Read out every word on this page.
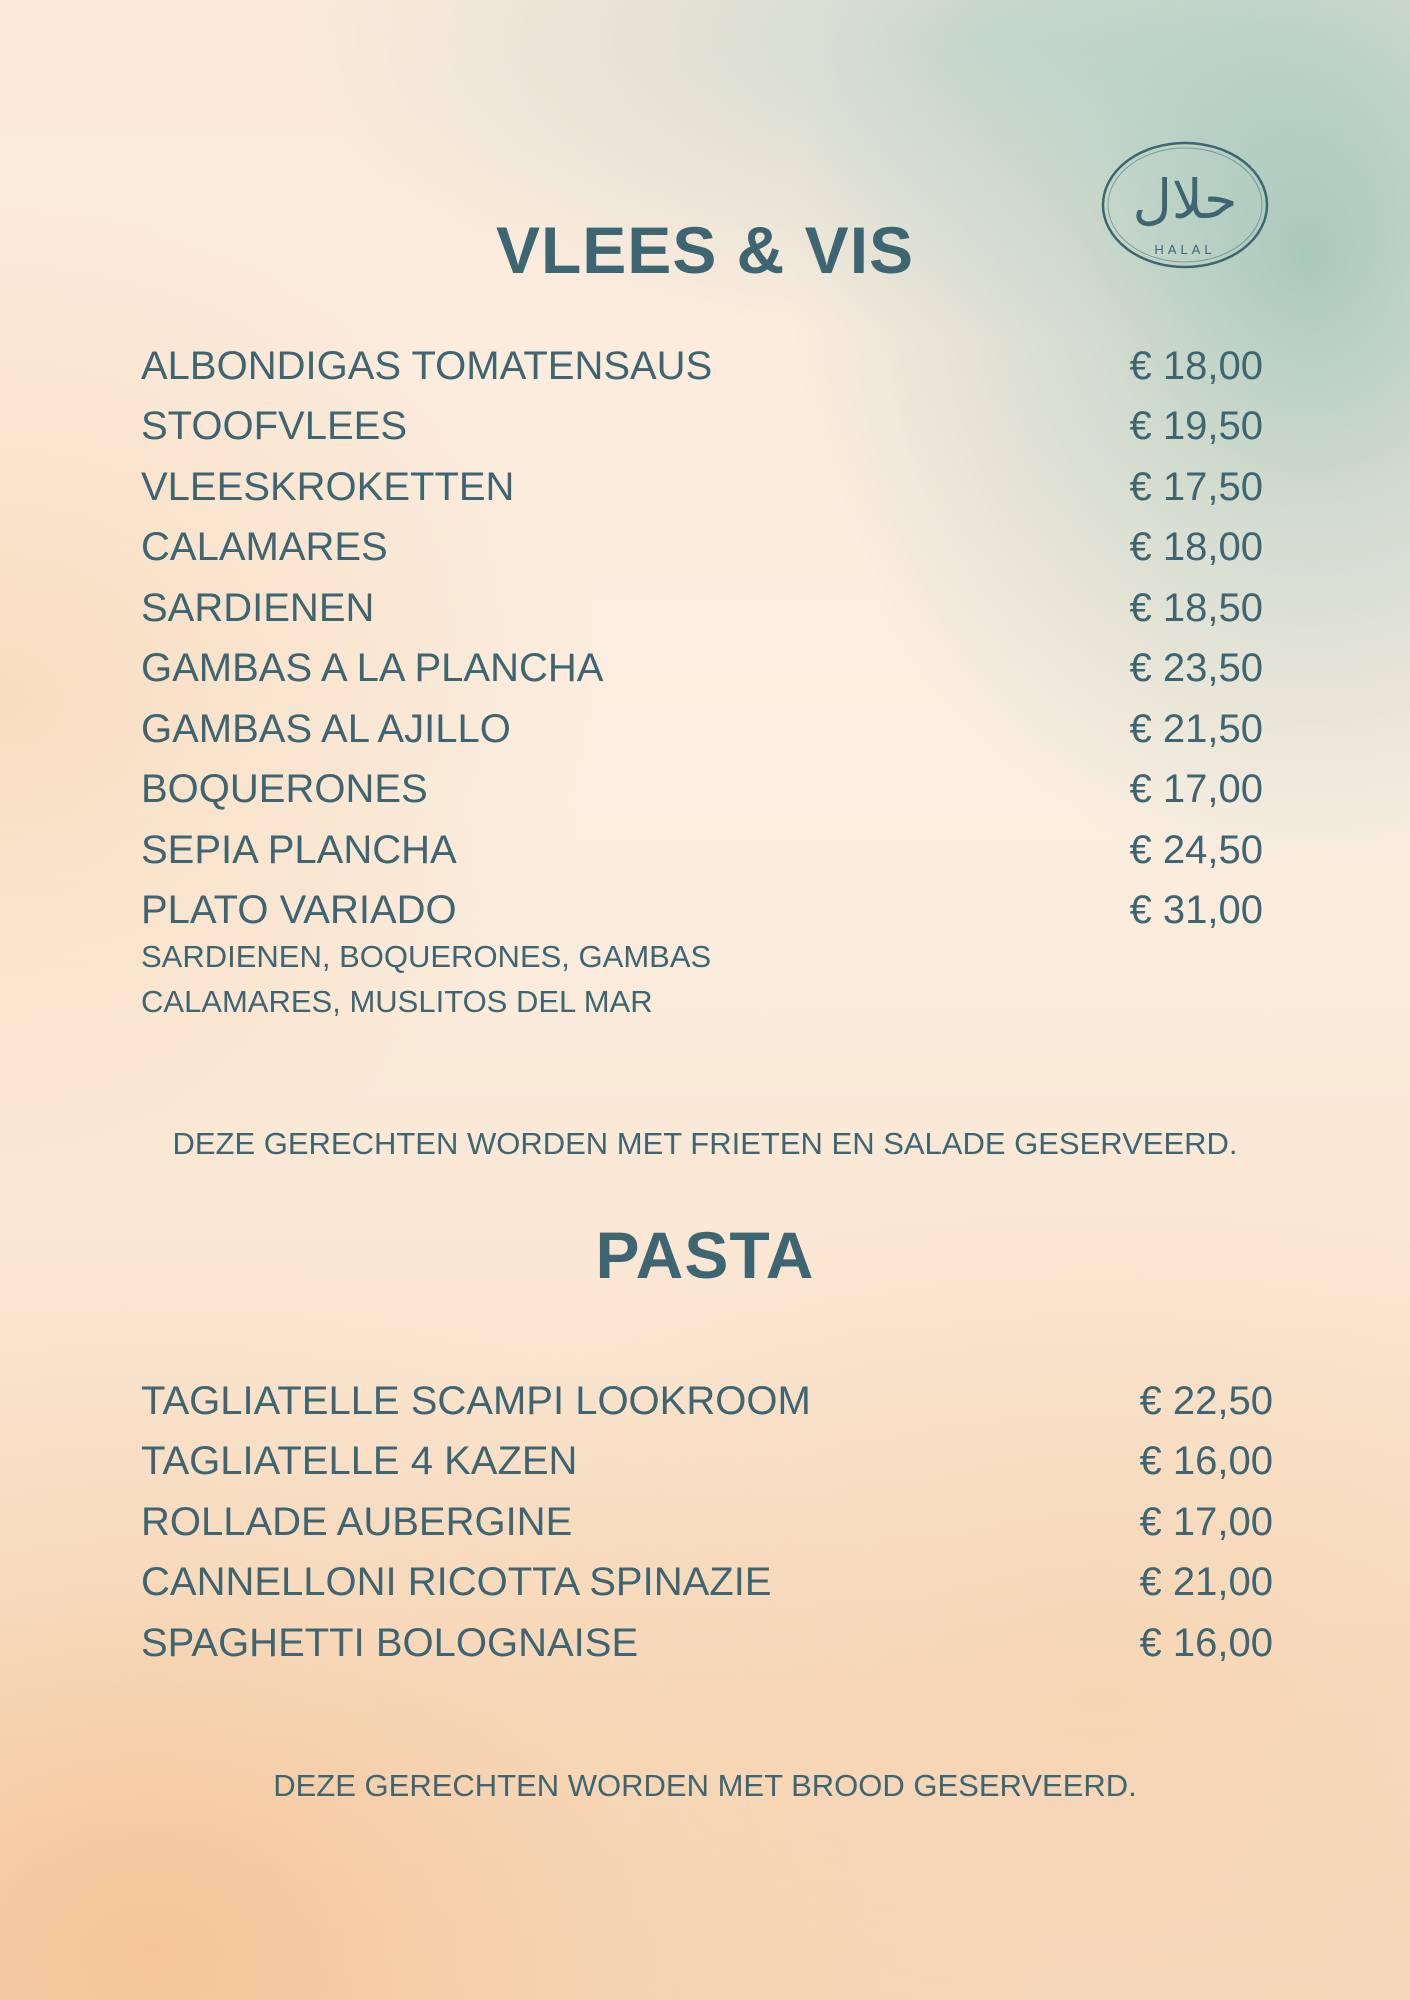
حلال
HALAL
VLEES & VIS
ALBONDIGAS TOMATENSAUS	€ 18,00
STOOFVLEES	€ 19,50
VLEESKROKETTEN	€ 17,50
CALAMARES	€ 18,00
SARDIENEN	€ 18,50
GAMBAS A LA PLANCHA	€ 23,50
GAMBAS AL AJILLO	€ 21,50
BOQUERONES	€ 17,00
SEPIA PLANCHA	€ 24,50
PLATO VARIADO	€ 31,00
SARDIENEN, BOQUERONES, GAMBAS
CALAMARES, MUSLITOS DEL MAR
DEZE GERECHTEN WORDEN MET FRIETEN EN SALADE GESERVEERD.
PASTA
TAGLIATELLE SCAMPI LOOKROOM	€ 22,50
TAGLIATELLE 4 KAZEN	€ 16,00
ROLLADE AUBERGINE	€ 17,00
CANNELLONI RICOTTA SPINAZIE	€ 21,00
SPAGHETTI BOLOGNAISE	€ 16,00
DEZE GERECHTEN WORDEN MET BROOD GESERVEERD.
